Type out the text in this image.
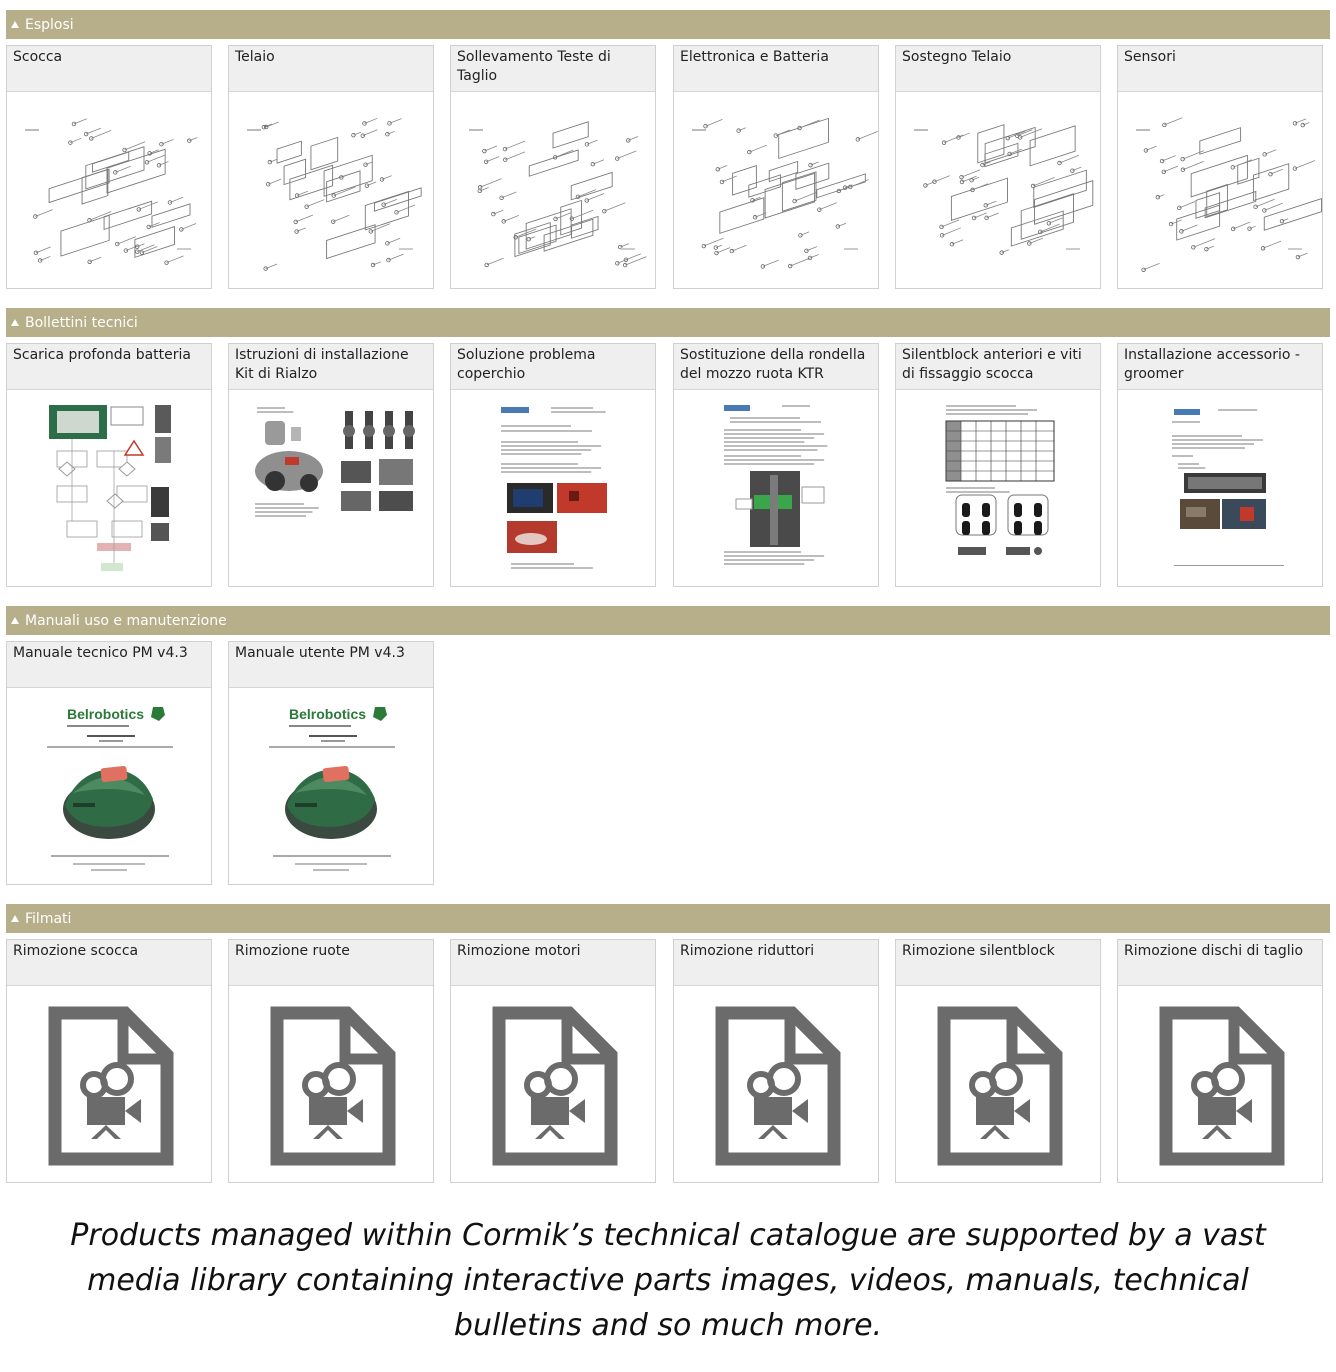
Esplosi
Scocca	Telaio	Sollevamento Teste di Taglio
Elettronica e Batteria	Sostegno Telaio	Sensori
Bollettini tecnici
Scarica profonda batteria	Istruzioni di installazione Kit di Rialzo
Soluzione problema coperchio
Sostituzione della rondella del mozzo ruota KTR
Silentblock anteriori e viti di fissaggio scocca
Installazione accessorio - groomer
Manuali uso e manutenzione
Manuale tecnico PM v4.3
Belrobotics
Manuale utente PM v4.3
Belrobotics
Filmati
Rimozione scocca	Rimozione ruote	Rimozione motori	Rimozione riduttori	Rimozione silentblock	Rimozione dischi di taglio
Products managed within Cormik’s technical catalogue are supported by a vast
media library containing interactive parts images, videos, manuals, technical
bulletins and so much more.
